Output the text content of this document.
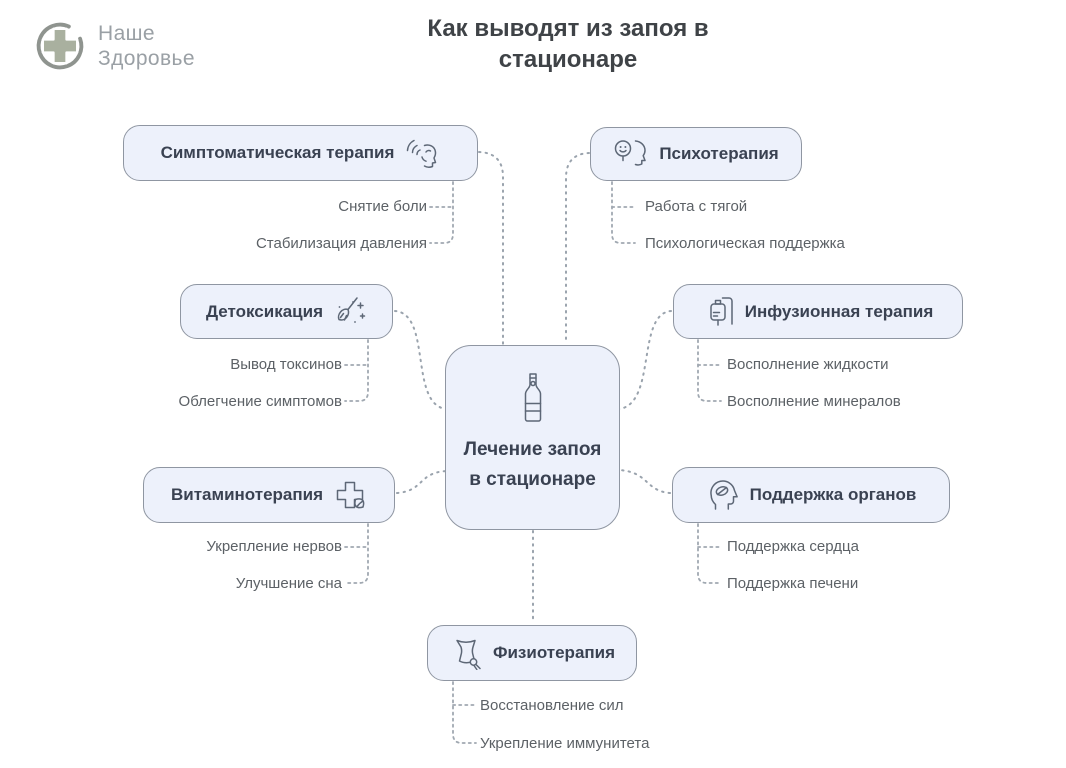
Наше
Здоровье
Как выводят из запоя в стационаре
Симптоматическая терапия	Психотерапия
Детоксикация	Инфузионная терапия
Витаминотерапия	Поддержка органов
Лечение запоя в стационаре
Физиотерапия
Снятие боли
Стабилизация давления
Работа с тягой
Психологическая поддержка
Вывод токсинов
Облегчение симптомов
Восполнение жидкости
Восполнение минералов
Укрепление нервов
Улучшение сна
Поддержка сердца
Поддержка печени
Восстановление сил
Укрепление иммунитета
